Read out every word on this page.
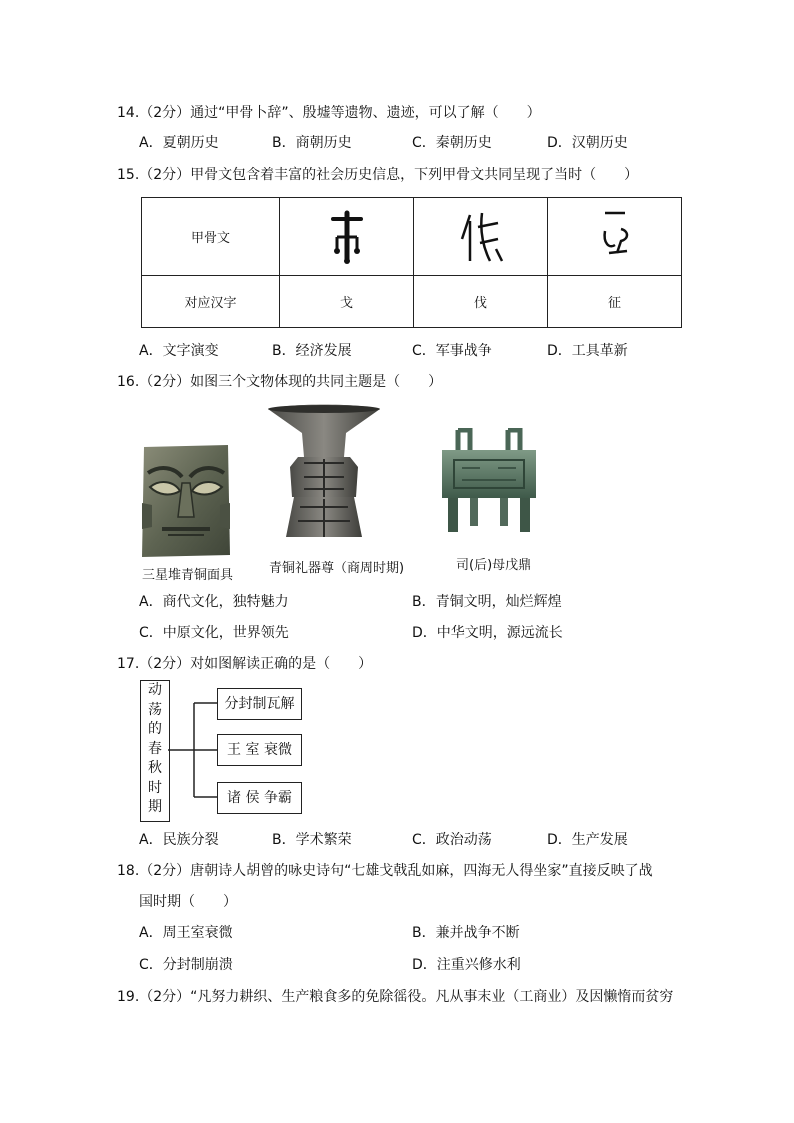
14.（2分）通过“甲骨卜辞”、殷墟等遗物、遗迹，可以了解（　　）
A．夏朝历史	B．商朝历史	C．秦朝历史	D．汉朝历史
15.（2分）甲骨文包含着丰富的社会历史信息，下列甲骨文共同呈现了当时（　　）
甲骨文	

对应汉字	戈	伐	征
A．文字演变	B．经济发展	C．军事战争	D．工具革新
16.（2分）如图三个文物体现的共同主题是（　　）
三星堆青铜面具	青铜礼器尊（商周时期)	司(后)母戊鼎
A．商代文化，独特魅力	B．青铜文明，灿烂辉煌
C．中原文化，世界领先	D．中华文明，源远流长
17.（2分）对如图解读正确的是（　　）
动
荡
的
春
秋
时
期
分封制瓦解
王 室 衰微
诸 侯 争霸
A．民族分裂	B．学术繁荣	C．政治动荡	D．生产发展
18.（2分）唐朝诗人胡曾的咏史诗句“七雄戈戟乱如麻，四海无人得坐家”直接反映了战
国时期（　　）
A．周王室衰微	B．兼并战争不断
C．分封制崩溃	D．注重兴修水利
19.（2分）“凡努力耕织、生产粮食多的免除徭役。凡从事末业（工商业）及因懒惰而贫穷
